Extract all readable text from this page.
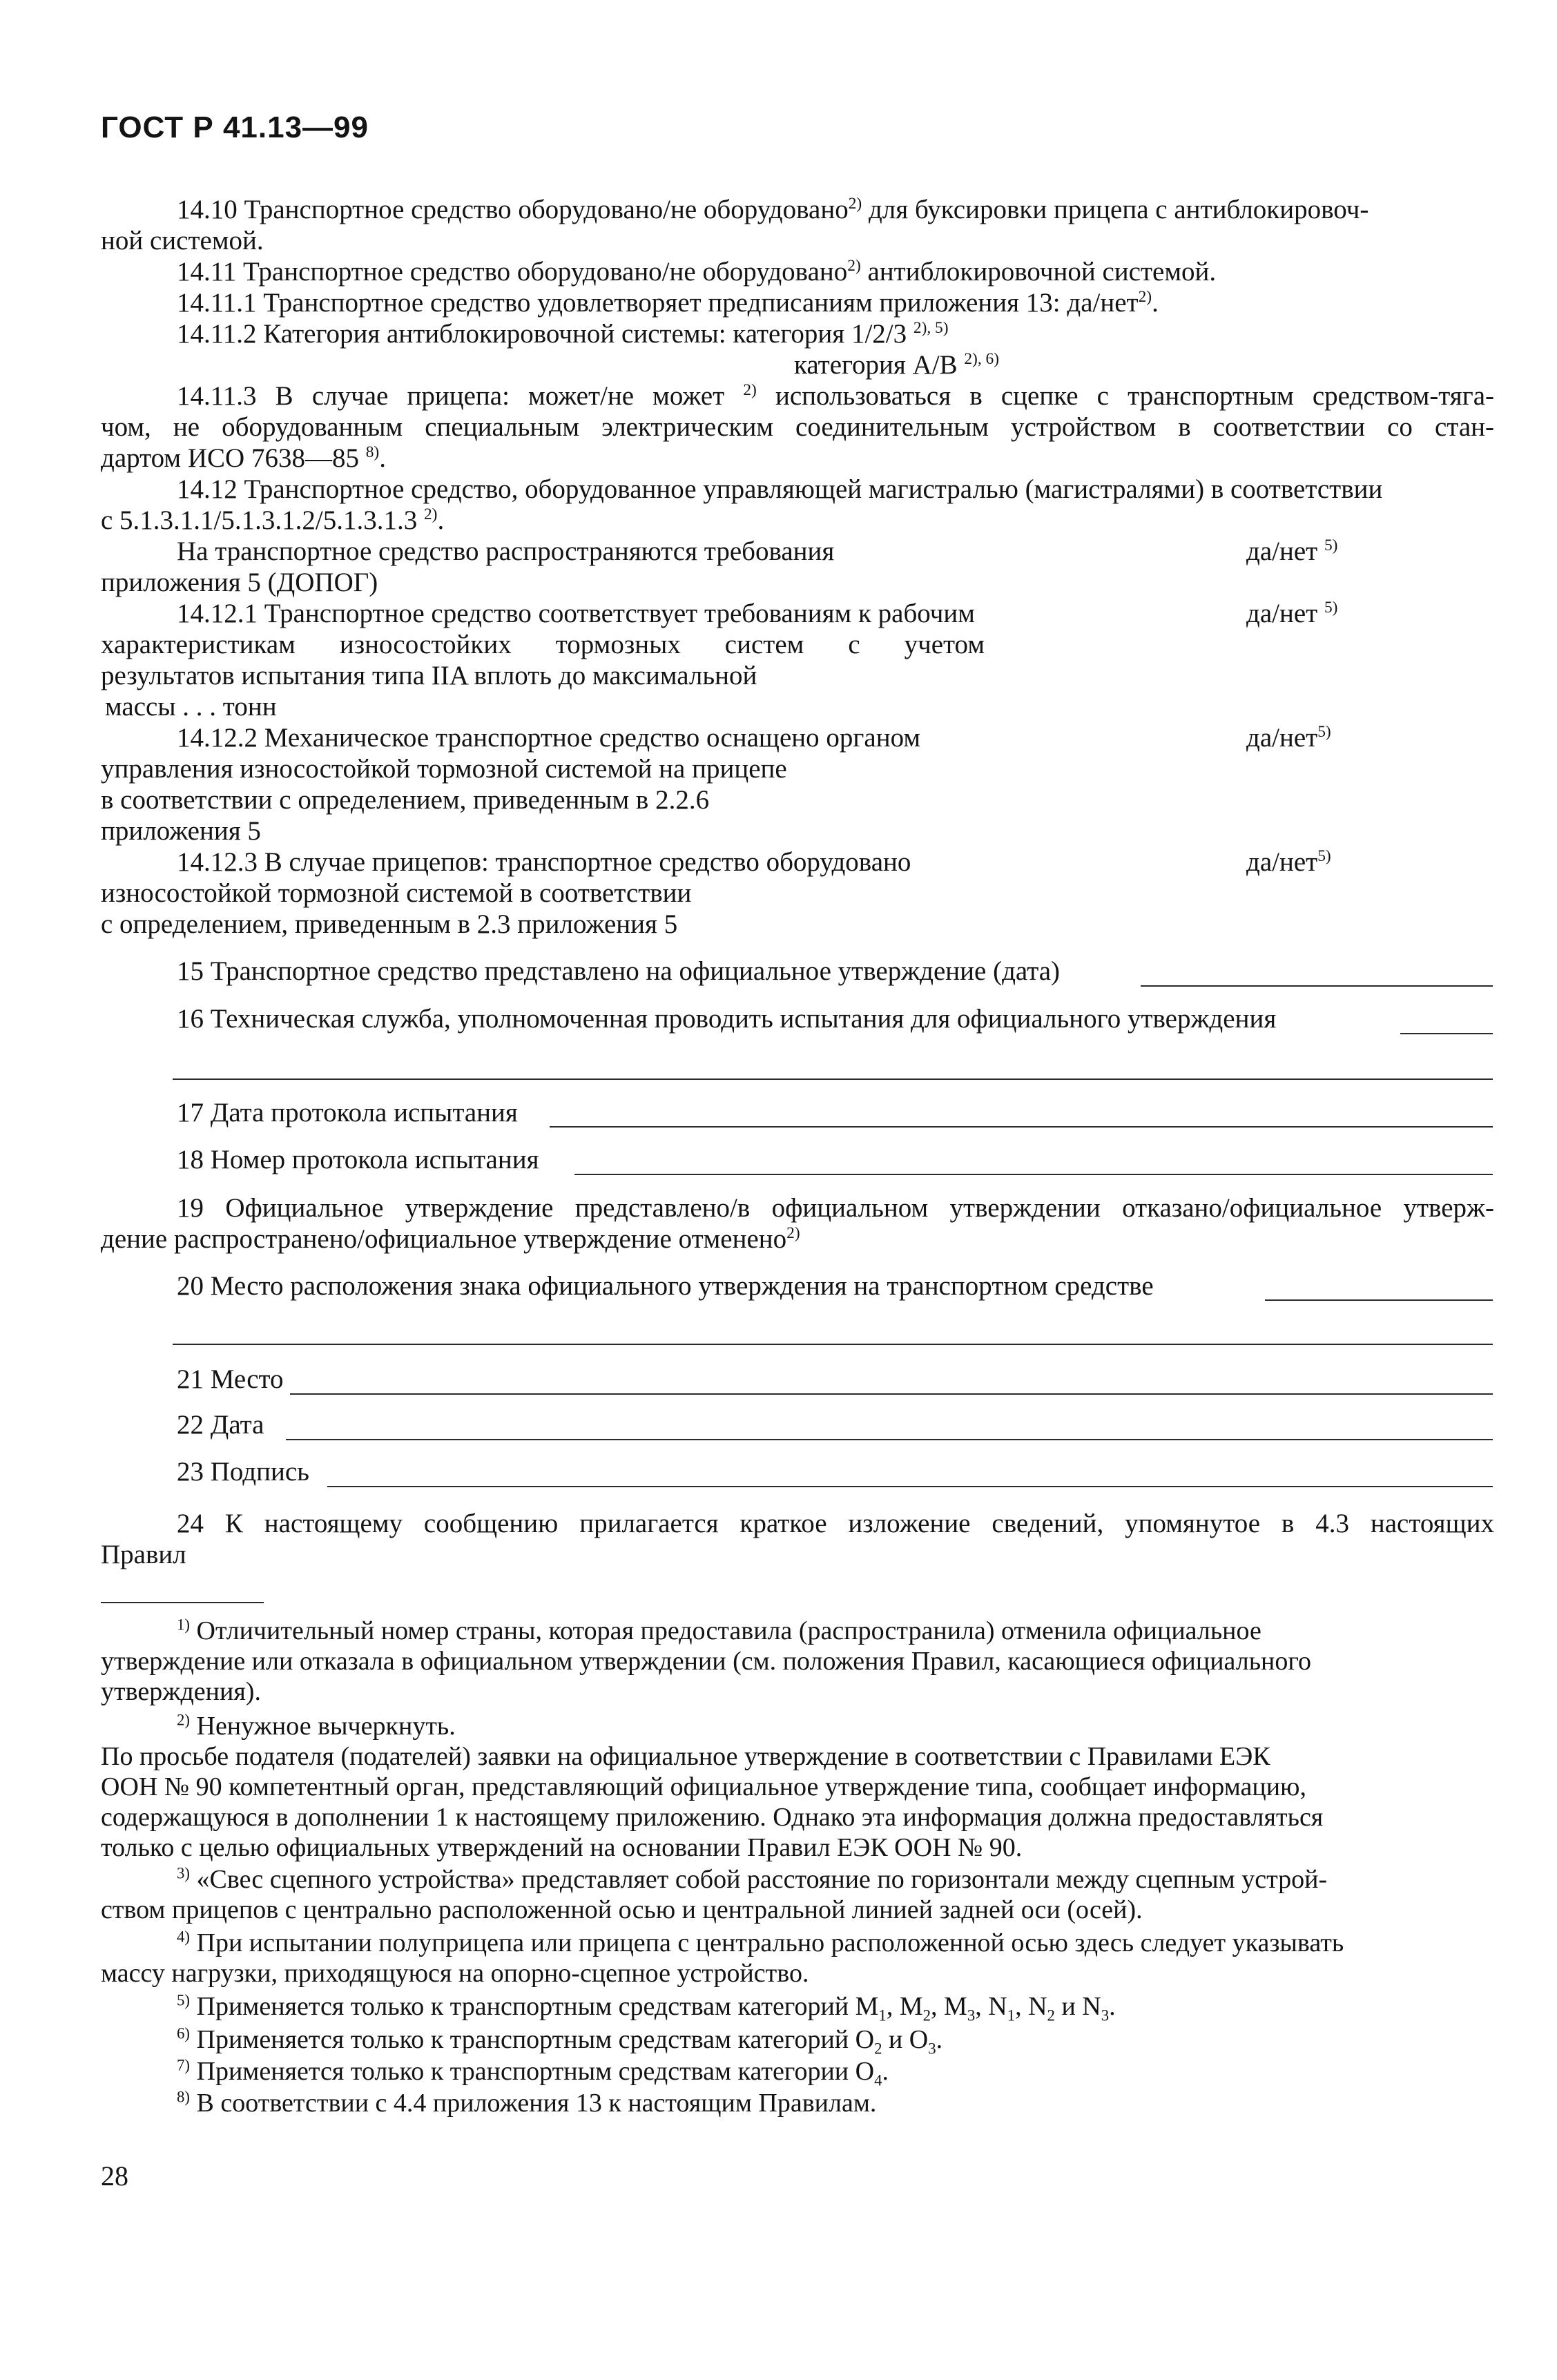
ГОСТ Р 41.13—99
14.10 Транспортное средство оборудовано/не оборудовано$^{2)}$ для буксировки прицепа с антиблокировоч-
ной системой.
14.11 Транспортное средство оборудовано/не оборудовано$^{2)}$ антиблокировочной системой.
14.11.1 Транспортное средство удовлетворяет предписаниям приложения 13: да/нет$^{2)}$.
14.11.2 Категория антиблокировочной системы: категория 1/2/3 $^{2), 5)}$
категория А/В $^{2), 6)}$
14.11.3 В случае прицепа: может/не может $^{2)}$ использоваться в сцепке с транспортным средством-тяга-
чом, не оборудованным специальным электрическим соединительным устройством в соответствии со стан-
дартом ИСО 7638—85 $^{8)}$.
14.12 Транспортное средство, оборудованное управляющей магистралью (магистралями) в соответствии
с 5.1.3.1.1/5.1.3.1.2/5.1.3.1.3 $^{2)}$.
На транспортное средство распространяются требования
приложения 5 (ДОПОГ)
да/нет $^{5)}$
14.12.1 Транспортное средство соответствует требованиям к рабочим
характеристикам износостойких тормозных систем с учетом
результатов испытания типа IIA вплоть до максимальной
массы . . . тонн
да/нет $^{5)}$
14.12.2 Механическое транспортное средство оснащено органом
управления износостойкой тормозной системой на прицепе
в соответствии с определением, приведенным в 2.2.6
приложения 5
да/нет$^{5)}$
14.12.3 В случае прицепов: транспортное средство оборудовано
износостойкой тормозной системой в соответствии
с определением, приведенным в 2.3 приложения 5
да/нет$^{5)}$
15 Транспортное средство представлено на официальное утверждение (дата)
16 Техническая служба, уполномоченная проводить испытания для официального утверждения
17 Дата протокола испытания
18 Номер протокола испытания
19 Официальное утверждение представлено/в официальном утверждении отказано/официальное утверж-
дение распространено/официальное утверждение отменено$^{2)}$
20 Место расположения знака официального утверждения на транспортном средстве
21 Место
22 Дата
23 Подпись
24 К настоящему сообщению прилагается краткое изложение сведений, упомянутое в 4.3 настоящих
Правил
$^{1)}$ Отличительный номер страны, которая предоставила (распространила) отменила официальное
утверждение или отказала в официальном утверждении (см. положения Правил, касающиеся официального
утверждения).
$^{2)}$ Ненужное вычеркнуть.
По просьбе подателя (подателей) заявки на официальное утверждение в соответствии с Правилами ЕЭК
ООН № 90 компетентный орган, представляющий официальное утверждение типа, сообщает информацию,
содержащуюся в дополнении 1 к настоящему приложению. Однако эта информация должна предоставляться
только с целью официальных утверждений на основании Правил ЕЭК ООН № 90.
$^{3)}$ «Свес сцепного устройства» представляет собой расстояние по горизонтали между сцепным устрой-
ством прицепов с центрально расположенной осью и центральной линией задней оси (осей).
$^{4)}$ При испытании полуприцепа или прицепа с центрально расположенной осью здесь следует указывать
массу нагрузки, приходящуюся на опорно-сцепное устройство.
$^{5)}$ Применяется только к транспортным средствам категорий $M_1$, $M_2$, $M_3$, $N_1$, $N_2$ и $N_3$.
$^{6)}$ Применяется только к транспортным средствам категорий $O_2$ и $O_3$.
$^{7)}$ Применяется только к транспортным средствам категории $O_4$.
$^{8)}$ В соответствии с 4.4 приложения 13 к настоящим Правилам.
28
